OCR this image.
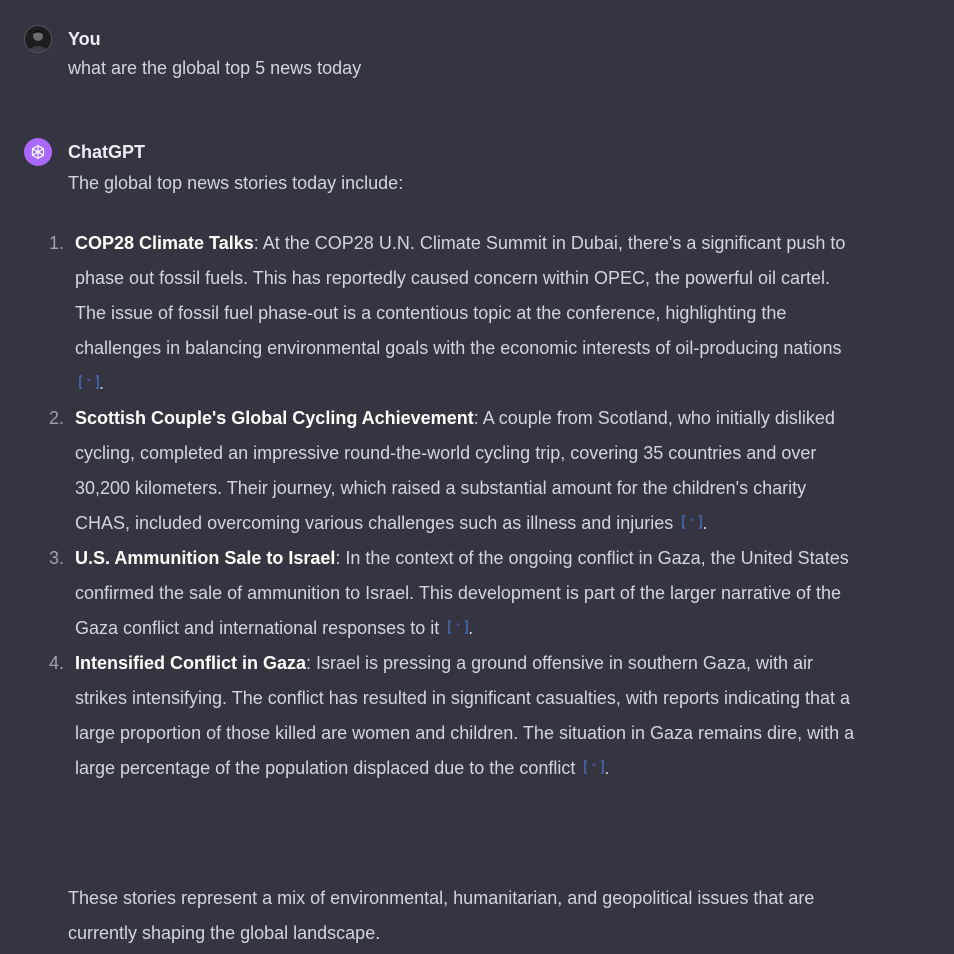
You
what are the global top 5 news today
ChatGPT
The global top news stories today include:
1. COP28 Climate Talks: At the COP28 U.N. Climate Summit in Dubai, there's a significant push to phase out fossil fuels. This has reportedly caused concern within OPEC, the powerful oil cartel. The issue of fossil fuel phase-out is a contentious topic at the conference, highlighting the challenges in balancing environmental goals with the economic interests of oil-producing nations
" .
2. Scottish Couple's Global Cycling Achievement: A couple from Scotland, who initially disliked cycling, completed an impressive round-the-world cycling trip, covering 35 countries and over 30,200 kilometers. Their journey, which raised a substantial amount for the children's charity CHAS, included overcoming various challenges such as illness and injuries " .
3. U.S. Ammunition Sale to Israel: In the context of the ongoing conflict in Gaza, the United States confirmed the sale of ammunition to Israel. This development is part of the larger narrative of the Gaza conflict and international responses to it " .
4. Intensified Conflict in Gaza: Israel is pressing a ground offensive in southern Gaza, with air strikes intensifying. The conflict has resulted in significant casualties, with reports indicating that a large proportion of those killed are women and children. The situation in Gaza remains dire, with a large percentage of the population displaced due to the conflict " .
These stories represent a mix of environmental, humanitarian, and geopolitical issues that are currently shaping the global landscape.
